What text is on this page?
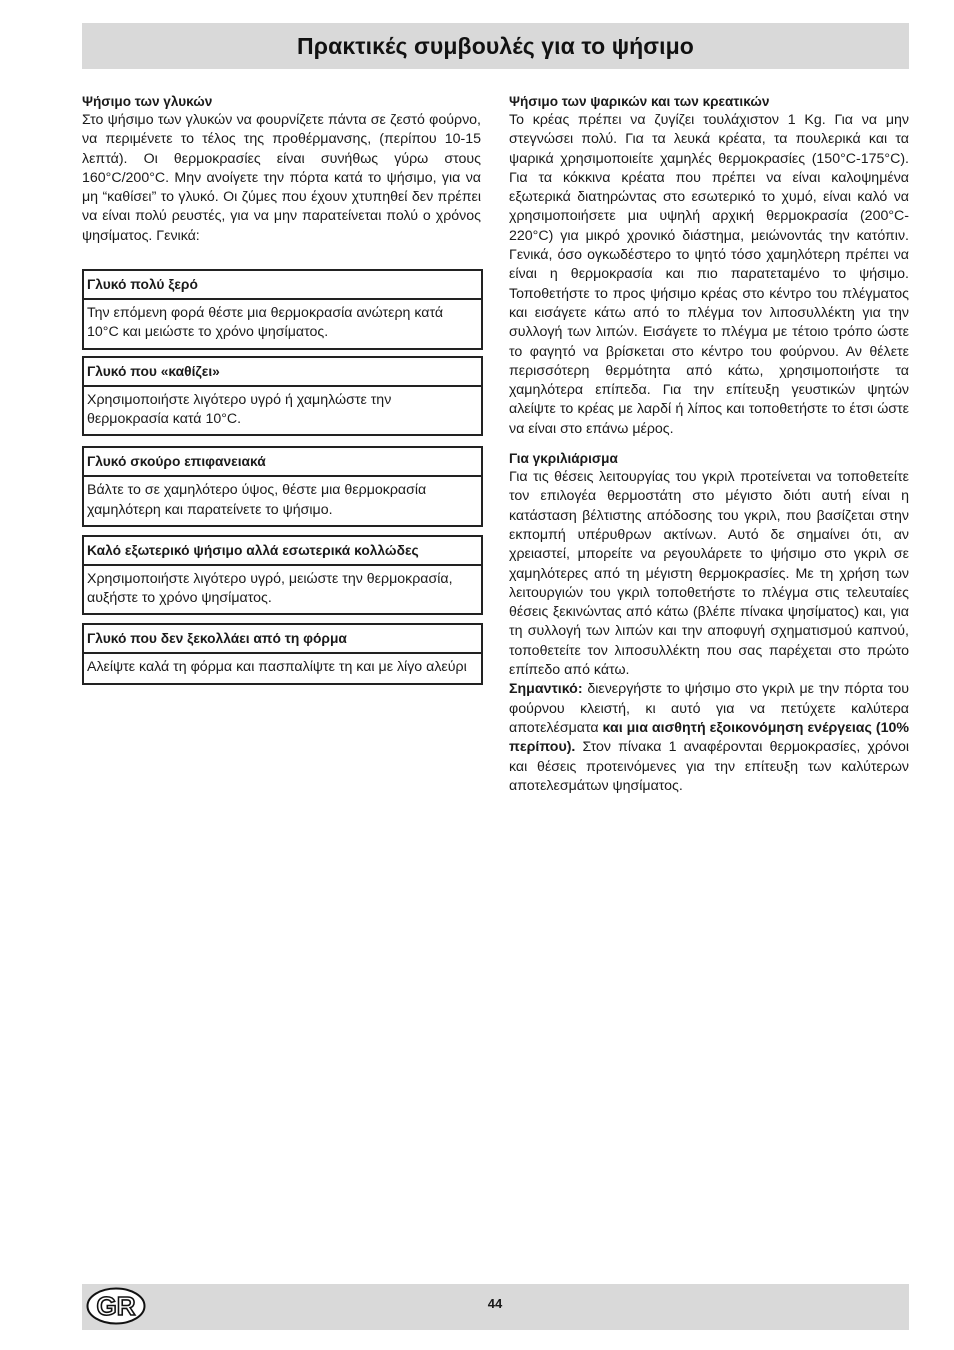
Πρακτικές συμβουλές για το ψήσιμο

Ψήσιμο των γλυκών

Στο ψήσιμο των γλυκών να φουρνίζετε πάντα σε ζεστό φούρνο, να περιμένετε το τέλος της προθέρμανσης, (περίπου 10-15 λεπτά). Οι θερμοκρασίες είναι συνήθως γύρω στους 160°C/200°C. Μην ανοίγετε την πόρτα κατά το ψήσιμο, για να μη “καθίσει” το γλυκό. Οι ζύμες που έχουν χτυπηθεί δεν πρέπει να είναι πολύ ρευστές, για να μην παρατείνεται πολύ ο χρόνος ψησίματος. Γενικά:

Γλυκό πολύ ξερό
Την επόμενη φορά θέστε μια θερμοκρασία ανώτερη κατά 10°C και μειώστε το χρόνο ψησίματος.
Γλυκό που «καθίζει»
Χρησιμοποιήστε λιγότερο υγρό ή χαμηλώστε την θερμοκρασία κατά 10°C.
Γλυκό σκούρο επιφανειακά
Βάλτε το σε χαμηλότερο ύψος, θέστε μια θερμοκρασία χαμηλότερη και παρατείνετε το ψήσιμο.
Καλό εξωτερικό ψήσιμο αλλά εσωτερικά κολλώδες
Χρησιμοποιήστε λιγότερο υγρό, μειώστε την θερμοκρασία, αυξήστε το χρόνο ψησίματος.
Γλυκό που δεν ξεκολλάει από τη φόρμα
Αλείψτε καλά τη φόρμα και πασπαλίψτε τη και με λίγο αλεύρι

Ψήσιμο των ψαρικών και των κρεατικών

Το κρέας πρέπει να ζυγίζει τουλάχιστον 1 Kg. Για να μην στεγνώσει πολύ. Για τα λευκά κρέατα, τα πουλερικά και τα ψαρικά χρησιμοποιείτε χαμηλές θερμοκρασίες (150°C-175°C). Για τα κόκκινα κρέατα που πρέπει να είναι καλοψημένα εξωτερικά διατηρώντας στο εσωτερικό το χυμό, είναι καλό να χρησιμοποιήσετε μια υψηλή αρχική θερμοκρασία (200°C-220°C) για μικρό χρονικό διάστημα, μειώνοντάς την κατόπιν. Γενικά, όσο ογκωδέστερο το ψητό τόσο χαμηλότερη πρέπει να είναι η θερμοκρασία και πιο παρατεταμένο το ψήσιμο. Τοποθετήστε το προς ψήσιμο κρέας στο κέντρο του πλέγματος και εισάγετε κάτω από το πλέγμα τον λιποσυλλέκτη για την συλλογή των λιπών. Εισάγετε το πλέγμα με τέτοιο τρόπο ώστε το φαγητό να βρίσκεται στο κέντρο του φούρνου. Αν θέλετε περισσότερη θερμότητα από κάτω, χρησιμοποιήστε τα χαμηλότερα επίπεδα. Για την επίτευξη γευστικών ψητών αλείψτε το κρέας με λαρδί ή λίπος και τοποθετήστε το έτσι ώστε να είναι στο επάνω μέρος.

Για γκριλιάρισμα

Για τις θέσεις λειτουργίας του γκριλ προτείνεται να τοποθετείτε τον επιλογέα θερμοστάτη στο μέγιστο διότι αυτή είναι η κατάσταση βέλτιστης απόδοσης του γκριλ, που βασίζεται στην εκπομπή υπέρυθρων ακτίνων. Αυτό δε σημαίνει ότι, αν χρειαστεί, μπορείτε να ρεγουλάρετε το ψήσιμο στο γκριλ σε χαμηλότερες από τη μέγιστη θερμοκρασίες. Με τη χρήση των λειτουργιών του γκριλ τοποθετήστε το πλέγμα στις τελευταίες θέσεις ξεκινώντας από κάτω (βλέπε πίνακα ψησίματος) και, για τη συλλογή των λιπών και την αποφυγή σχηματισμού καπνού, τοποθετείτε τον λιποσυλλέκτη που σας παρέχεται στο πρώτο επίπεδο από κάτω.

Σημαντικό: διενεργήστε το ψήσιμο στο γκριλ με την πόρτα του φούρνου κλειστή, κι αυτό για να πετύχετε καλύτερα αποτελέσματα και μια αισθητή εξοικονόμηση ενέργειας (10% περίπου). Στον πίνακα 1 αναφέρονται θερμοκρασίες, χρόνοι και θέσεις προτεινόμενες για την επίτευξη των καλύτερων αποτελεσμάτων ψησίματος.

GR	44
